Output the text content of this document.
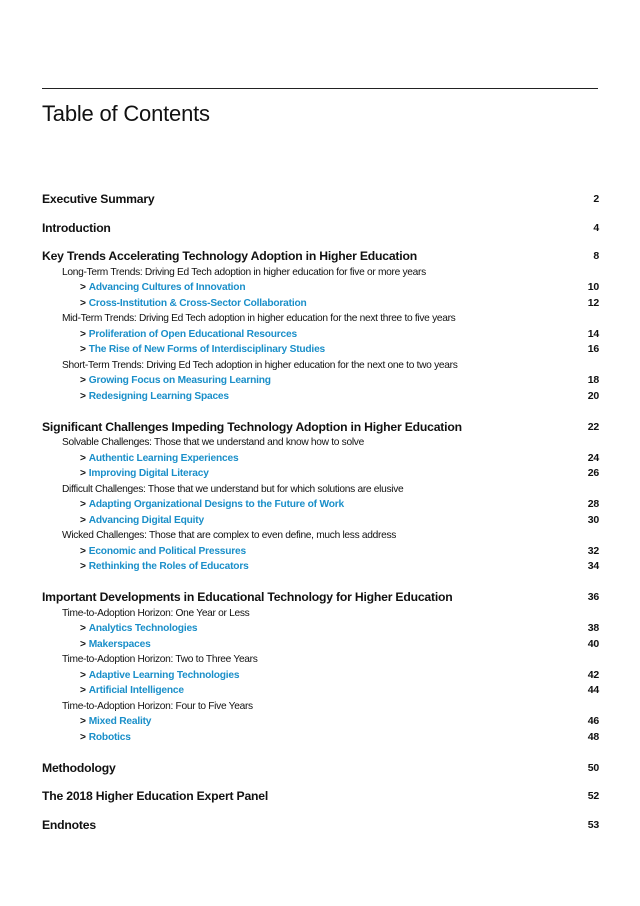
Table of Contents
Executive Summary	2
Introduction	4
Key Trends Accelerating Technology Adoption in Higher Education	8
Long-Term Trends: Driving Ed Tech adoption in higher education for five or more years
> Advancing Cultures of Innovation	10
> Cross-Institution & Cross-Sector Collaboration	12
Mid-Term Trends: Driving Ed Tech adoption in higher education for the next three to five years
> Proliferation of Open Educational Resources	14
> The Rise of New Forms of Interdisciplinary Studies	16
Short-Term Trends: Driving Ed Tech adoption in higher education for the next one to two years
> Growing Focus on Measuring Learning	18
> Redesigning Learning Spaces	20
Significant Challenges Impeding Technology Adoption in Higher Education	22
Solvable Challenges: Those that we understand and know how to solve
> Authentic Learning Experiences	24
> Improving Digital Literacy	26
Difficult Challenges: Those that we understand but for which solutions are elusive
> Adapting Organizational Designs to the Future of Work	28
> Advancing Digital Equity	30
Wicked Challenges: Those that are complex to even define, much less address
> Economic and Political Pressures	32
> Rethinking the Roles of Educators	34
Important Developments in Educational Technology for Higher Education	36
Time-to-Adoption Horizon: One Year or Less
> Analytics Technologies	38
> Makerspaces	40
Time-to-Adoption Horizon: Two to Three Years
> Adaptive Learning Technologies	42
> Artificial Intelligence	44
Time-to-Adoption Horizon: Four to Five Years
> Mixed Reality	46
> Robotics	48
Methodology	50
The 2018 Higher Education Expert Panel	52
Endnotes	53
